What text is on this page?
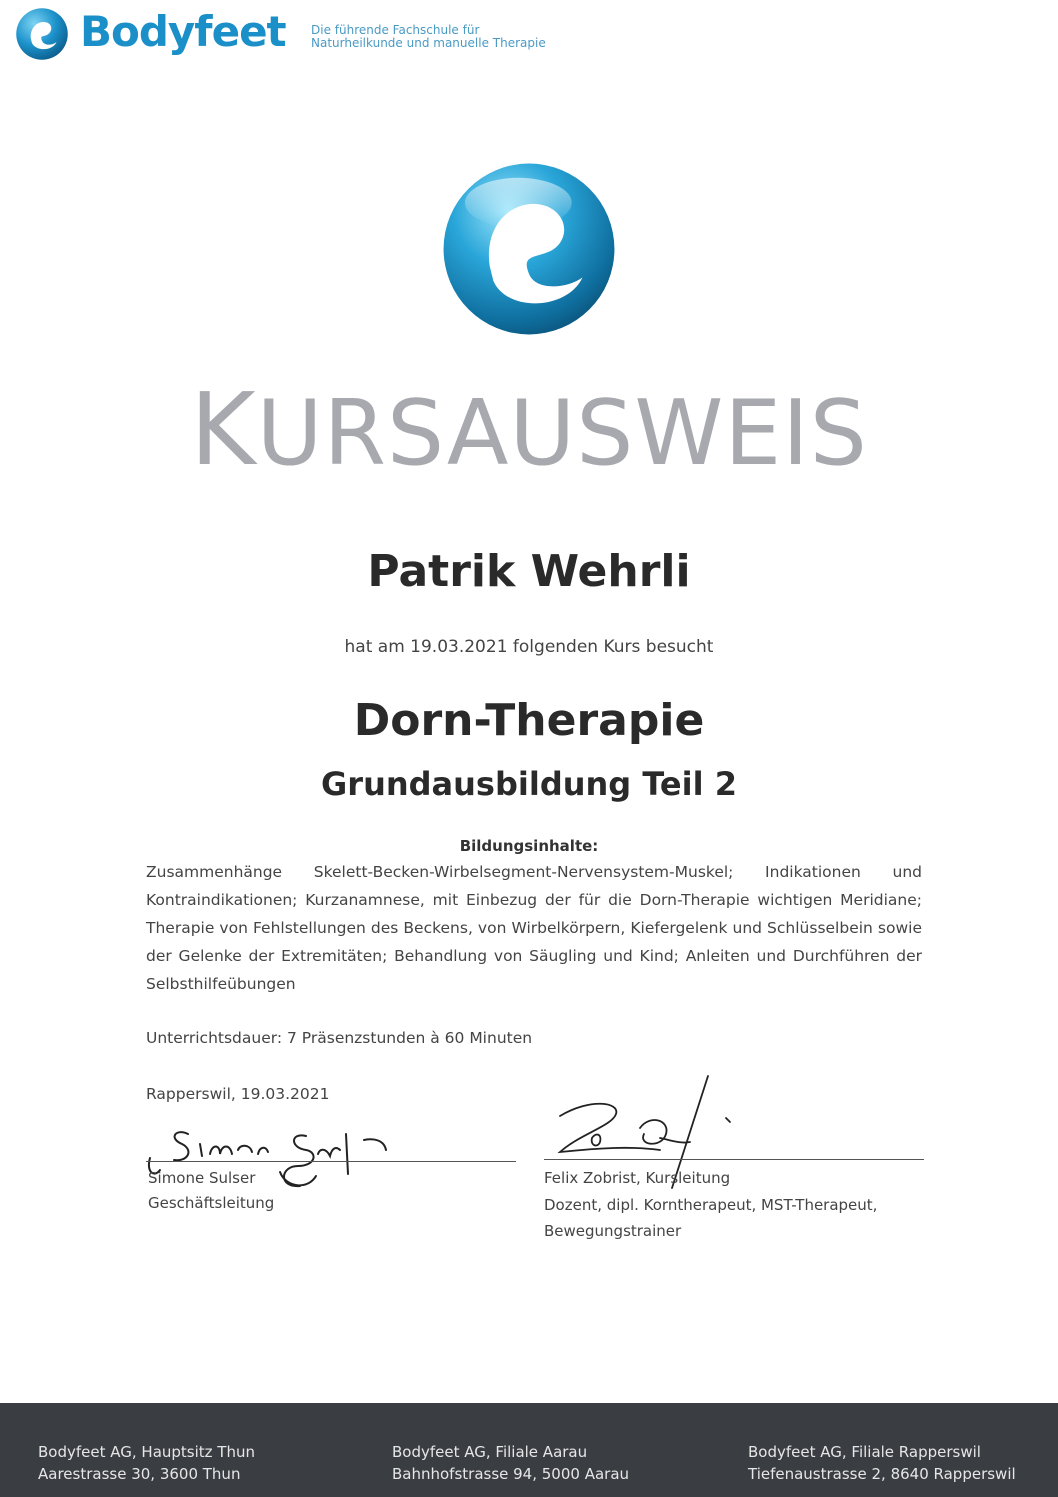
Bodyfeet Die führende Fachschule für
Naturheilkunde und manuelle Therapie
KURSAUSWEIS
Patrik Wehrli
hat am 19.03.2021 folgenden Kurs besucht
Dorn-Therapie
Grundausbildung Teil 2
Bildungsinhalte:
Zusammenhänge Skelett-Becken-Wirbelsegment-Nervensystem-Muskel; Indikationen und Kontraindikationen; Kurzanamnese, mit Einbezug der für die Dorn-Therapie wichtigen Meridiane; Therapie von Fehlstellungen des Beckens, von Wirbelkörpern, Kiefergelenk und Schlüsselbein sowie der Gelenke der Extremitäten; Behandlung von Säugling und Kind; Anleiten und Durchführen der Selbsthilfeübungen
Unterrichtsdauer: 7 Präsenzstunden à 60 Minuten
Rapperswil, 19.03.2021
Simone Sulser
Geschäftsleitung
Felix Zobrist, Kursleitung
Dozent, dipl. Korntherapeut, MST-Therapeut,
Bewegungstrainer
Bodyfeet AG, Hauptsitz Thun
Aarestrasse 30, 3600 Thun
Bodyfeet AG, Filiale Aarau
Bahnhofstrasse 94, 5000 Aarau
Bodyfeet AG, Filiale Rapperswil
Tiefenaustrasse 2, 8640 Rapperswil
